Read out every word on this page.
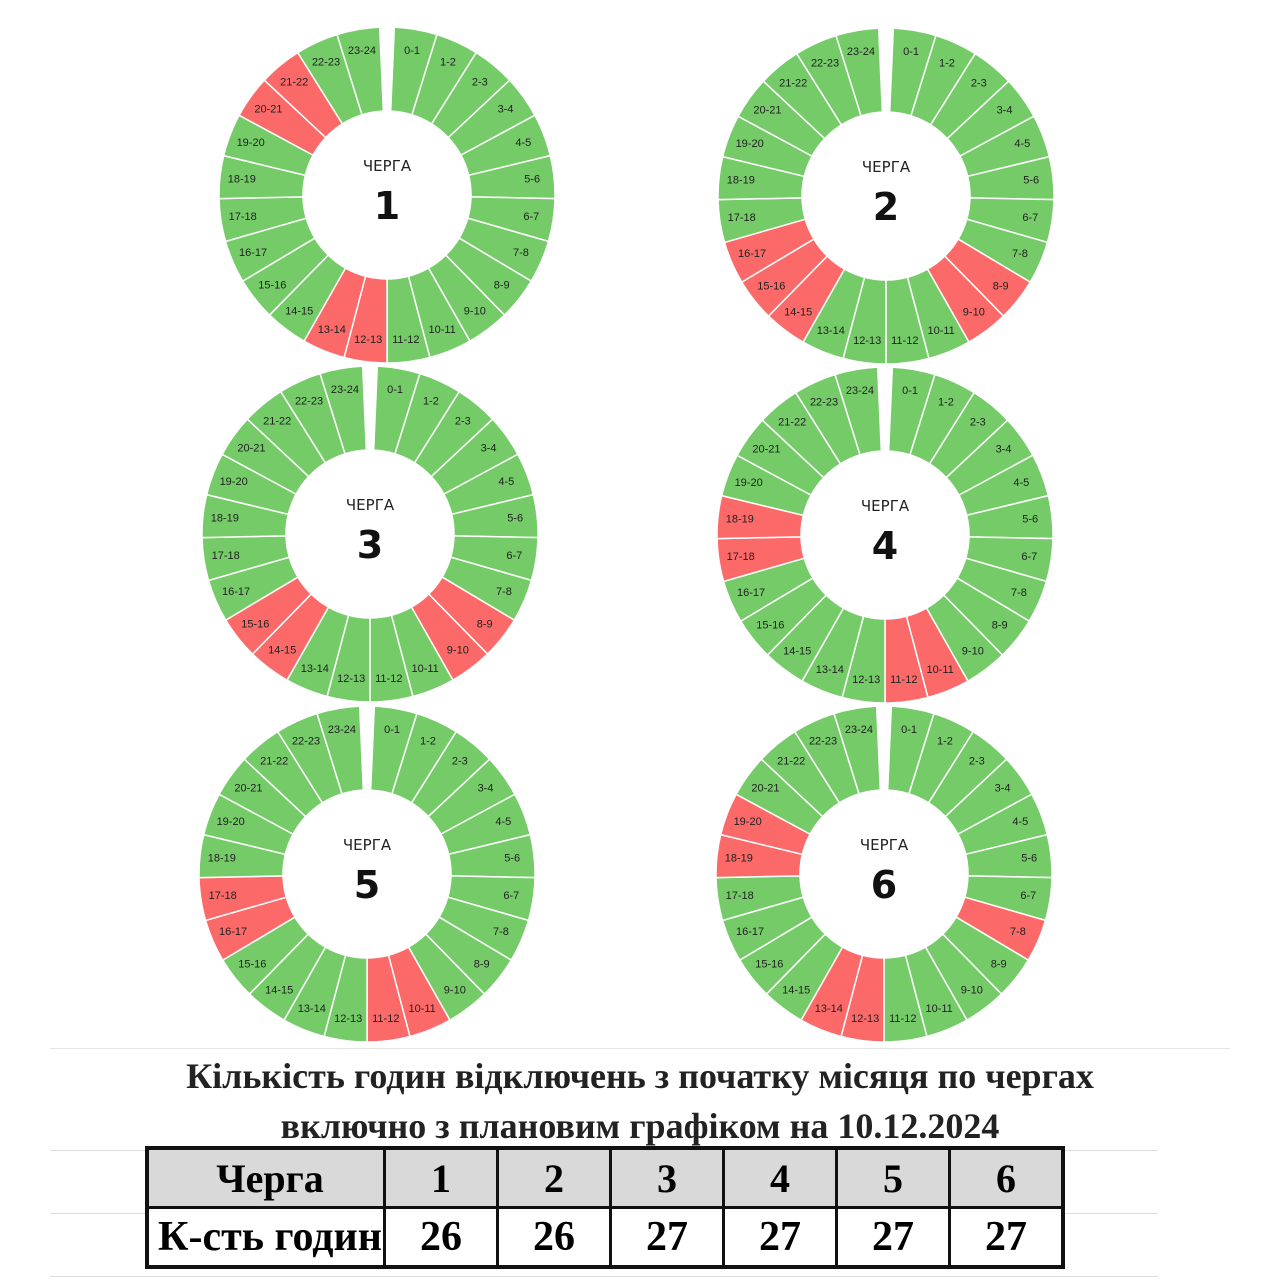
0-1
1-2
2-3
3-4
4-5
5-6
6-7
7-8
8-9
9-10
10-11
11-12
12-13
13-14
14-15
15-16
16-17
17-18
18-19
19-20
20-21
21-22
22-23
23-24
ЧЕРГА
1
0-1
1-2
2-3
3-4
4-5
5-6
6-7
7-8
8-9
9-10
10-11
11-12
12-13
13-14
14-15
15-16
16-17
17-18
18-19
19-20
20-21
21-22
22-23
23-24
ЧЕРГА
2
0-1
1-2
2-3
3-4
4-5
5-6
6-7
7-8
8-9
9-10
10-11
11-12
12-13
13-14
14-15
15-16
16-17
17-18
18-19
19-20
20-21
21-22
22-23
23-24
ЧЕРГА
3
0-1
1-2
2-3
3-4
4-5
5-6
6-7
7-8
8-9
9-10
10-11
11-12
12-13
13-14
14-15
15-16
16-17
17-18
18-19
19-20
20-21
21-22
22-23
23-24
ЧЕРГА
4
0-1
1-2
2-3
3-4
4-5
5-6
6-7
7-8
8-9
9-10
10-11
11-12
12-13
13-14
14-15
15-16
16-17
17-18
18-19
19-20
20-21
21-22
22-23
23-24
ЧЕРГА
5
0-1
1-2
2-3
3-4
4-5
5-6
6-7
7-8
8-9
9-10
10-11
11-12
12-13
13-14
14-15
15-16
16-17
17-18
18-19
19-20
20-21
21-22
22-23
23-24
ЧЕРГА
6
Кількість годин відключень з початку місяця по чергах
включно з плановим графіком на 10.12.2024
Черга	1	2	3	4	5	6
К-сть годин	26	26	27	27	27	27
